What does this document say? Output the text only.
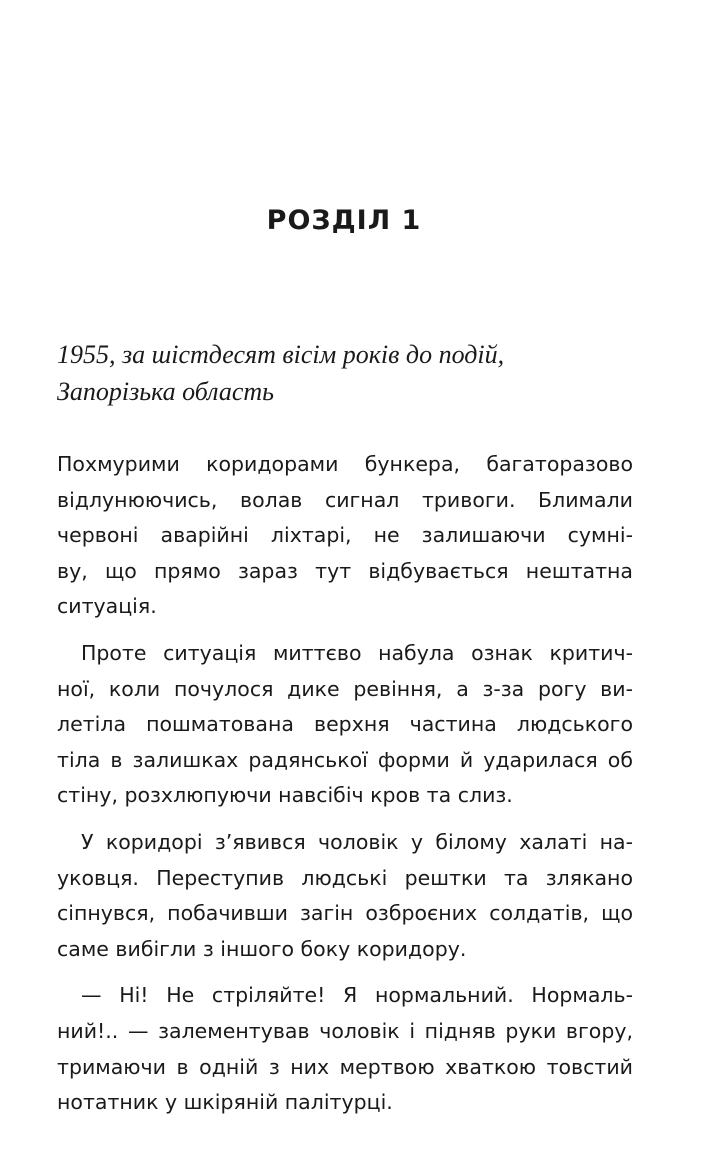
РОЗДІЛ 1
1955, за шістдесят вісім років до подій,
Запорізька область

Похмурими коридорами бункера, багаторазово
відлунюючись, волав сигнал тривоги. Блимали
червоні аварійні ліхтарі, не залишаючи сумні-
ву, що прямо зараз тут відбувається нештатна
ситуація.

Проте ситуація миттєво набула ознак критич-
ної, коли почулося дике ревіння, а з-за рогу ви-
летіла пошматована верхня частина людського
тіла в залишках радянської форми й ударилася об
стіну, розхлюпуючи навсібіч кров та слиз.

У коридорі з’явився чоловік у білому халаті на-
уковця. Переступив людські рештки та злякано
сіпнувся, побачивши загін озброєних солдатів, що
саме вибігли з іншого боку коридору.

— Ні! Не стріляйте! Я нормальний. Нормаль-
ний!.. — залементував чоловік і підняв руки вгору,
тримаючи в одній з них мертвою хваткою товстий
нотатник у шкіряній палітурці.
